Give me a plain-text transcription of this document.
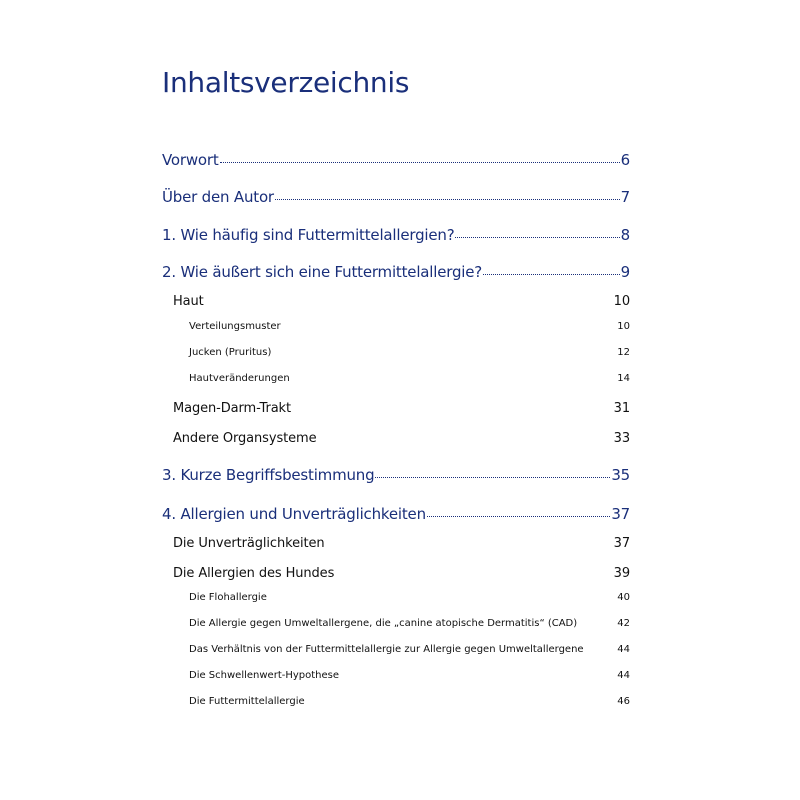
Inhaltsverzeichnis
Vorwort	6
Über den Autor	7
1. Wie häufig sind Futtermittelallergien?	8
2. Wie äußert sich eine Futtermittelallergie?	9
Haut	10
Verteilungsmuster	10
Jucken (Pruritus)	12
Hautveränderungen	14
Magen-Darm-Trakt	31
Andere Organsysteme	33
3. Kurze Begriffsbestimmung	35
4. Allergien und Unverträglichkeiten	37
Die Unverträglichkeiten	37
Die Allergien des Hundes	39
Die Flohallergie	40
Die Allergie gegen Umweltallergene, die „canine atopische Dermatitis“ (CAD)	42
Das Verhältnis von der Futtermittelallergie zur Allergie gegen Umweltallergene	44
Die Schwellenwert-Hypothese	44
Die Futtermittelallergie	46
